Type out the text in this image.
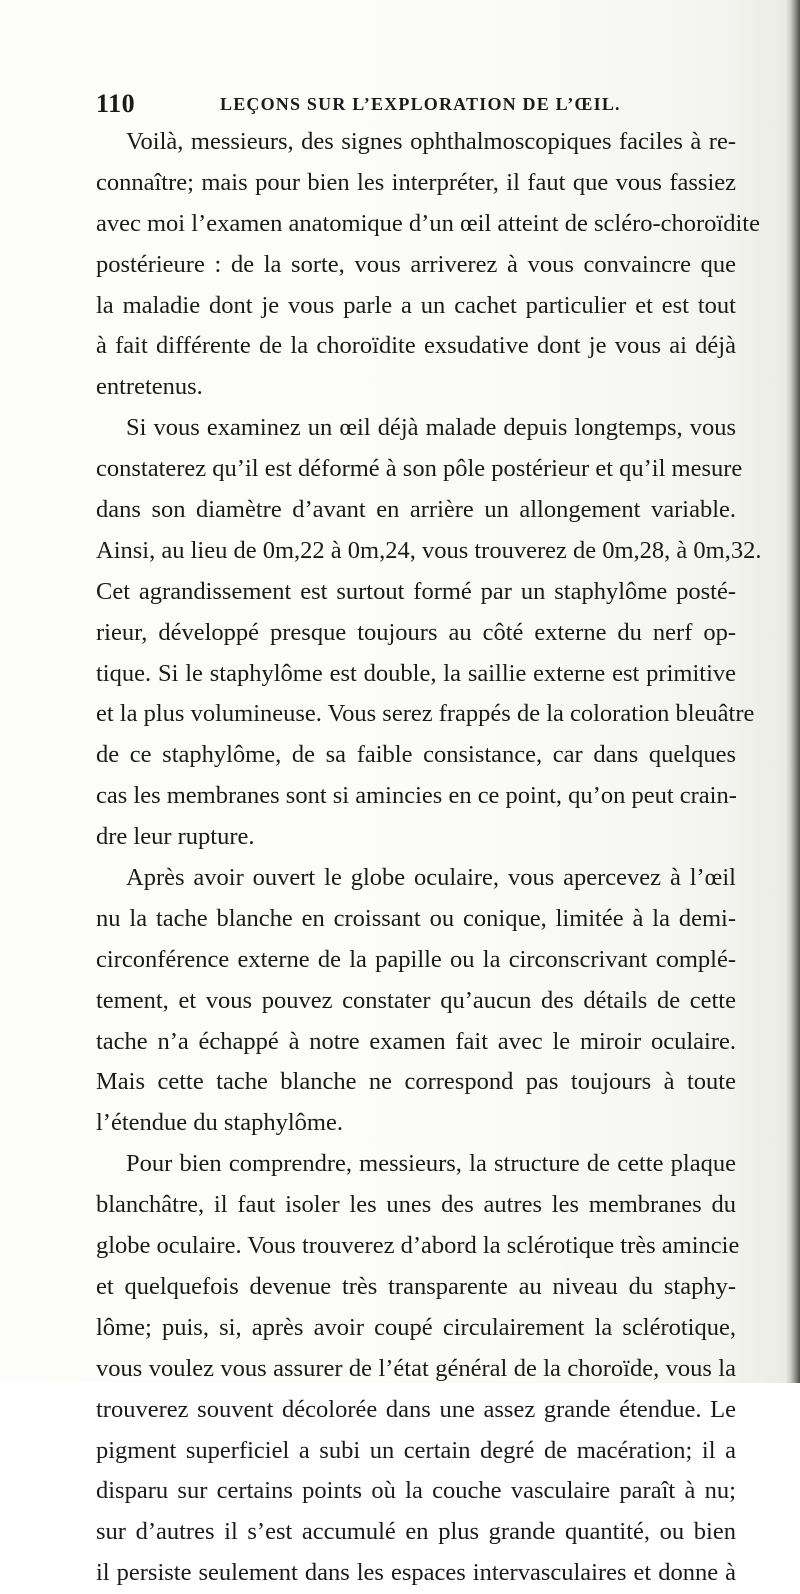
110	LEÇONS SUR L’EXPLORATION DE L’ŒIL.
Voilà, messieurs, des signes ophthalmoscopiques faciles à re-
connaître; mais pour bien les interpréter, il faut que vous fassiez
avec moi l’examen anatomique d’un œil atteint de scléro-choroïdite
postérieure : de la sorte, vous arriverez à vous convaincre que
la maladie dont je vous parle a un cachet particulier et est tout
à fait différente de la choroïdite exsudative dont je vous ai déjà
entretenus.
Si vous examinez un œil déjà malade depuis longtemps, vous
constaterez qu’il est déformé à son pôle postérieur et qu’il mesure
dans son diamètre d’avant en arrière un allongement variable.
Ainsi, au lieu de 0m,22 à 0m,24, vous trouverez de 0m,28, à 0m,32.
Cet agrandissement est surtout formé par un staphylôme posté-
rieur, développé presque toujours au côté externe du nerf op-
tique. Si le staphylôme est double, la saillie externe est primitive
et la plus volumineuse. Vous serez frappés de la coloration bleuâtre
de ce staphylôme, de sa faible consistance, car dans quelques
cas les membranes sont si amincies en ce point, qu’on peut crain-
dre leur rupture.
Après avoir ouvert le globe oculaire, vous apercevez à l’œil
nu la tache blanche en croissant ou conique, limitée à la demi-
circonférence externe de la papille ou la circonscrivant complé-
tement, et vous pouvez constater qu’aucun des détails de cette
tache n’a échappé à notre examen fait avec le miroir oculaire.
Mais cette tache blanche ne correspond pas toujours à toute
l’étendue du staphylôme.
Pour bien comprendre, messieurs, la structure de cette plaque
blanchâtre, il faut isoler les unes des autres les membranes du
globe oculaire. Vous trouverez d’abord la sclérotique très amincie
et quelquefois devenue très transparente au niveau du staphy-
lôme; puis, si, après avoir coupé circulairement la sclérotique,
vous voulez vous assurer de l’état général de la choroïde, vous la
trouverez souvent décolorée dans une assez grande étendue. Le
pigment superficiel a subi un certain degré de macération; il a
disparu sur certains points où la couche vasculaire paraît à nu;
sur d’autres il s’est accumulé en plus grande quantité, ou bien
il persiste seulement dans les espaces intervasculaires et donne à
